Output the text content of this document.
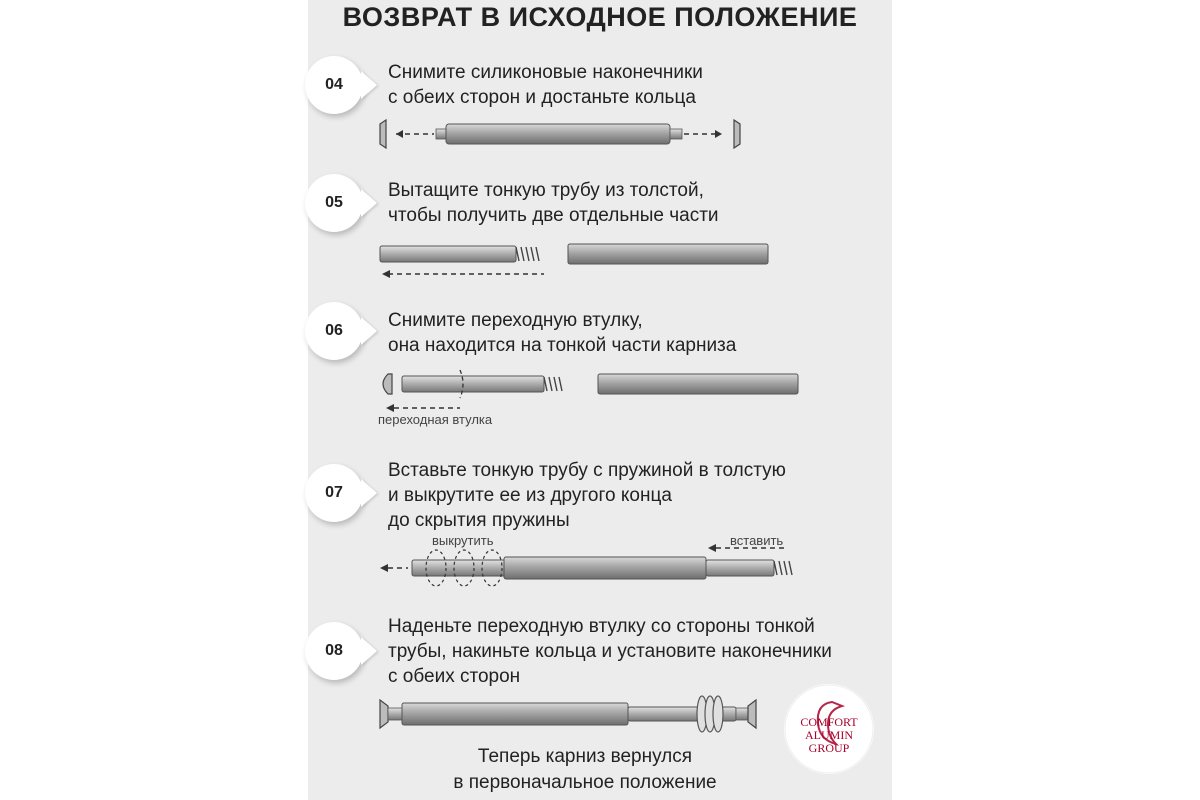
ВОЗВРАТ В ИСХОДНОЕ ПОЛОЖЕНИЕ
04
Снимите силиконовые наконечники
с обеих сторон и достаньте кольца
05
Вытащите тонкую трубу из толстой,
чтобы получить две отдельные части
06 Снимите переходную втулку,
она находится на тонкой части карниза
переходная втулка
07
Вставьте тонкую трубу с пружиной в толстую
и выкрутите ее из другого конца
до скрытия пружины
выкрутить	вставить
08
Наденьте переходную втулку со стороны тонкой
трубы, накиньте кольца и установите наконечники
с обеих сторон
Теперь карниз вернулся
в первоначальное положение
COMFORT
ALUMIN
GROUP
